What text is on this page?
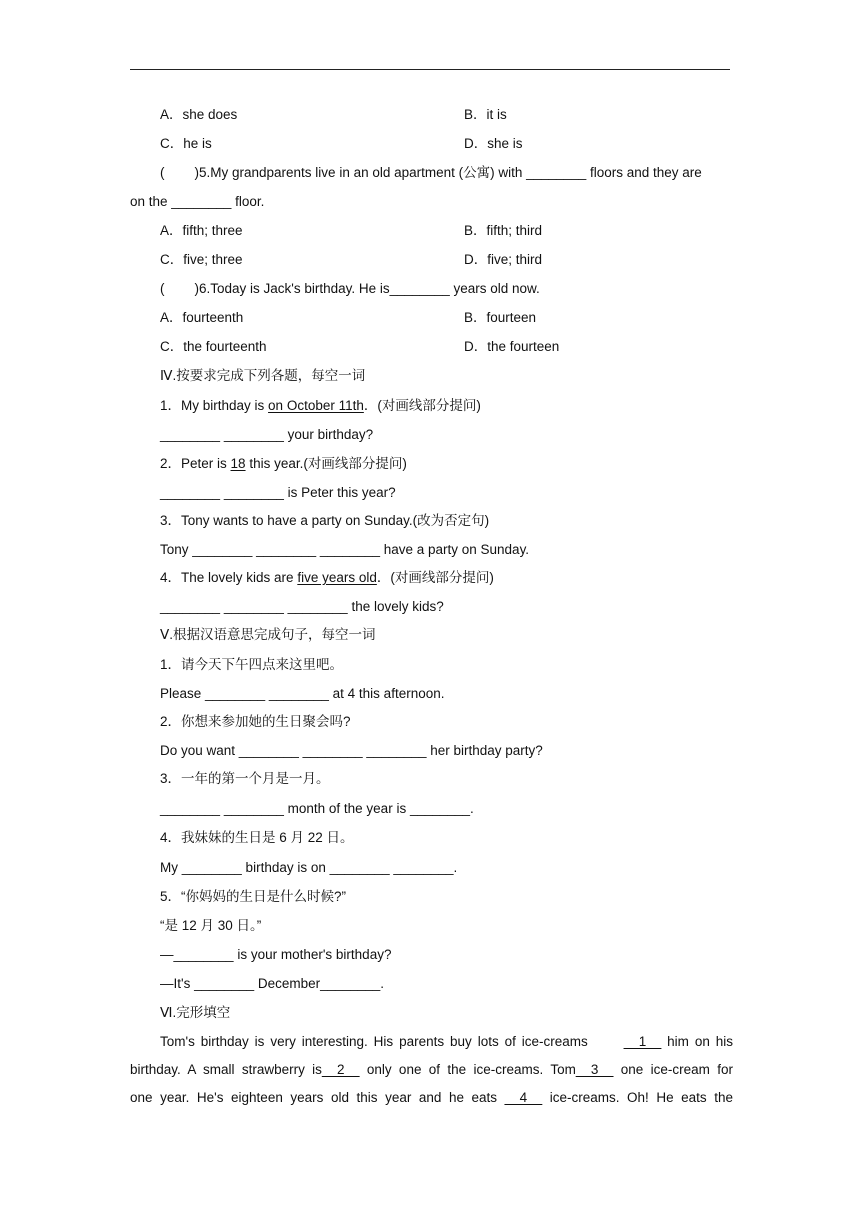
A．she does	B．it is
C．he is	D．she is
(        )5.My grandparents live in an old apartment (公寓) with ________ floors and they are
on the ________ floor.
A．fifth; three	B．fifth; third
C．five; three	D．five; third
(        )6.Today is Jack's birthday. He is________ years old now.
A．fourteenth	B．fourteen
C．the fourteenth	D．the fourteen
Ⅳ.按要求完成下列各题，每空一词
1．My birthday is on October 11th．(对画线部分提问)
________ ________ your birthday?
2．Peter is 18 this year.(对画线部分提问)
________ ________ is Peter this year?
3．Tony wants to have a party on Sunday.(改为否定句)
Tony ________ ________ ________ have a party on Sunday.
4．The lovely kids are five years old．(对画线部分提问)
________ ________ ________ the lovely kids?
Ⅴ.根据汉语意思完成句子，每空一词
1．请今天下午四点来这里吧。
Please ________ ________ at 4 this afternoon.
2．你想来参加她的生日聚会吗?
Do you want ________ ________ ________ her birthday party?
3．一年的第一个月是一月。
________ ________ month of the year is ________.
4．我妹妹的生日是 6 月 22 日。
My ________ birthday is on ________ ________.
5．“你妈妈的生日是什么时候?”
“是 12 月 30 日。”
—________ is your mother's birthday?
—It's ________ December________.
Ⅵ.完形填空
Tom's birthday is very interesting. His parents buy lots of ice-creams __1__ him on his
birthday. A small strawberry is__2__ only one of the ice-creams. Tom__3__ one ice-cream for
one year. He's eighteen years old this year and he eats __4__ ice-creams. Oh! He eats the
